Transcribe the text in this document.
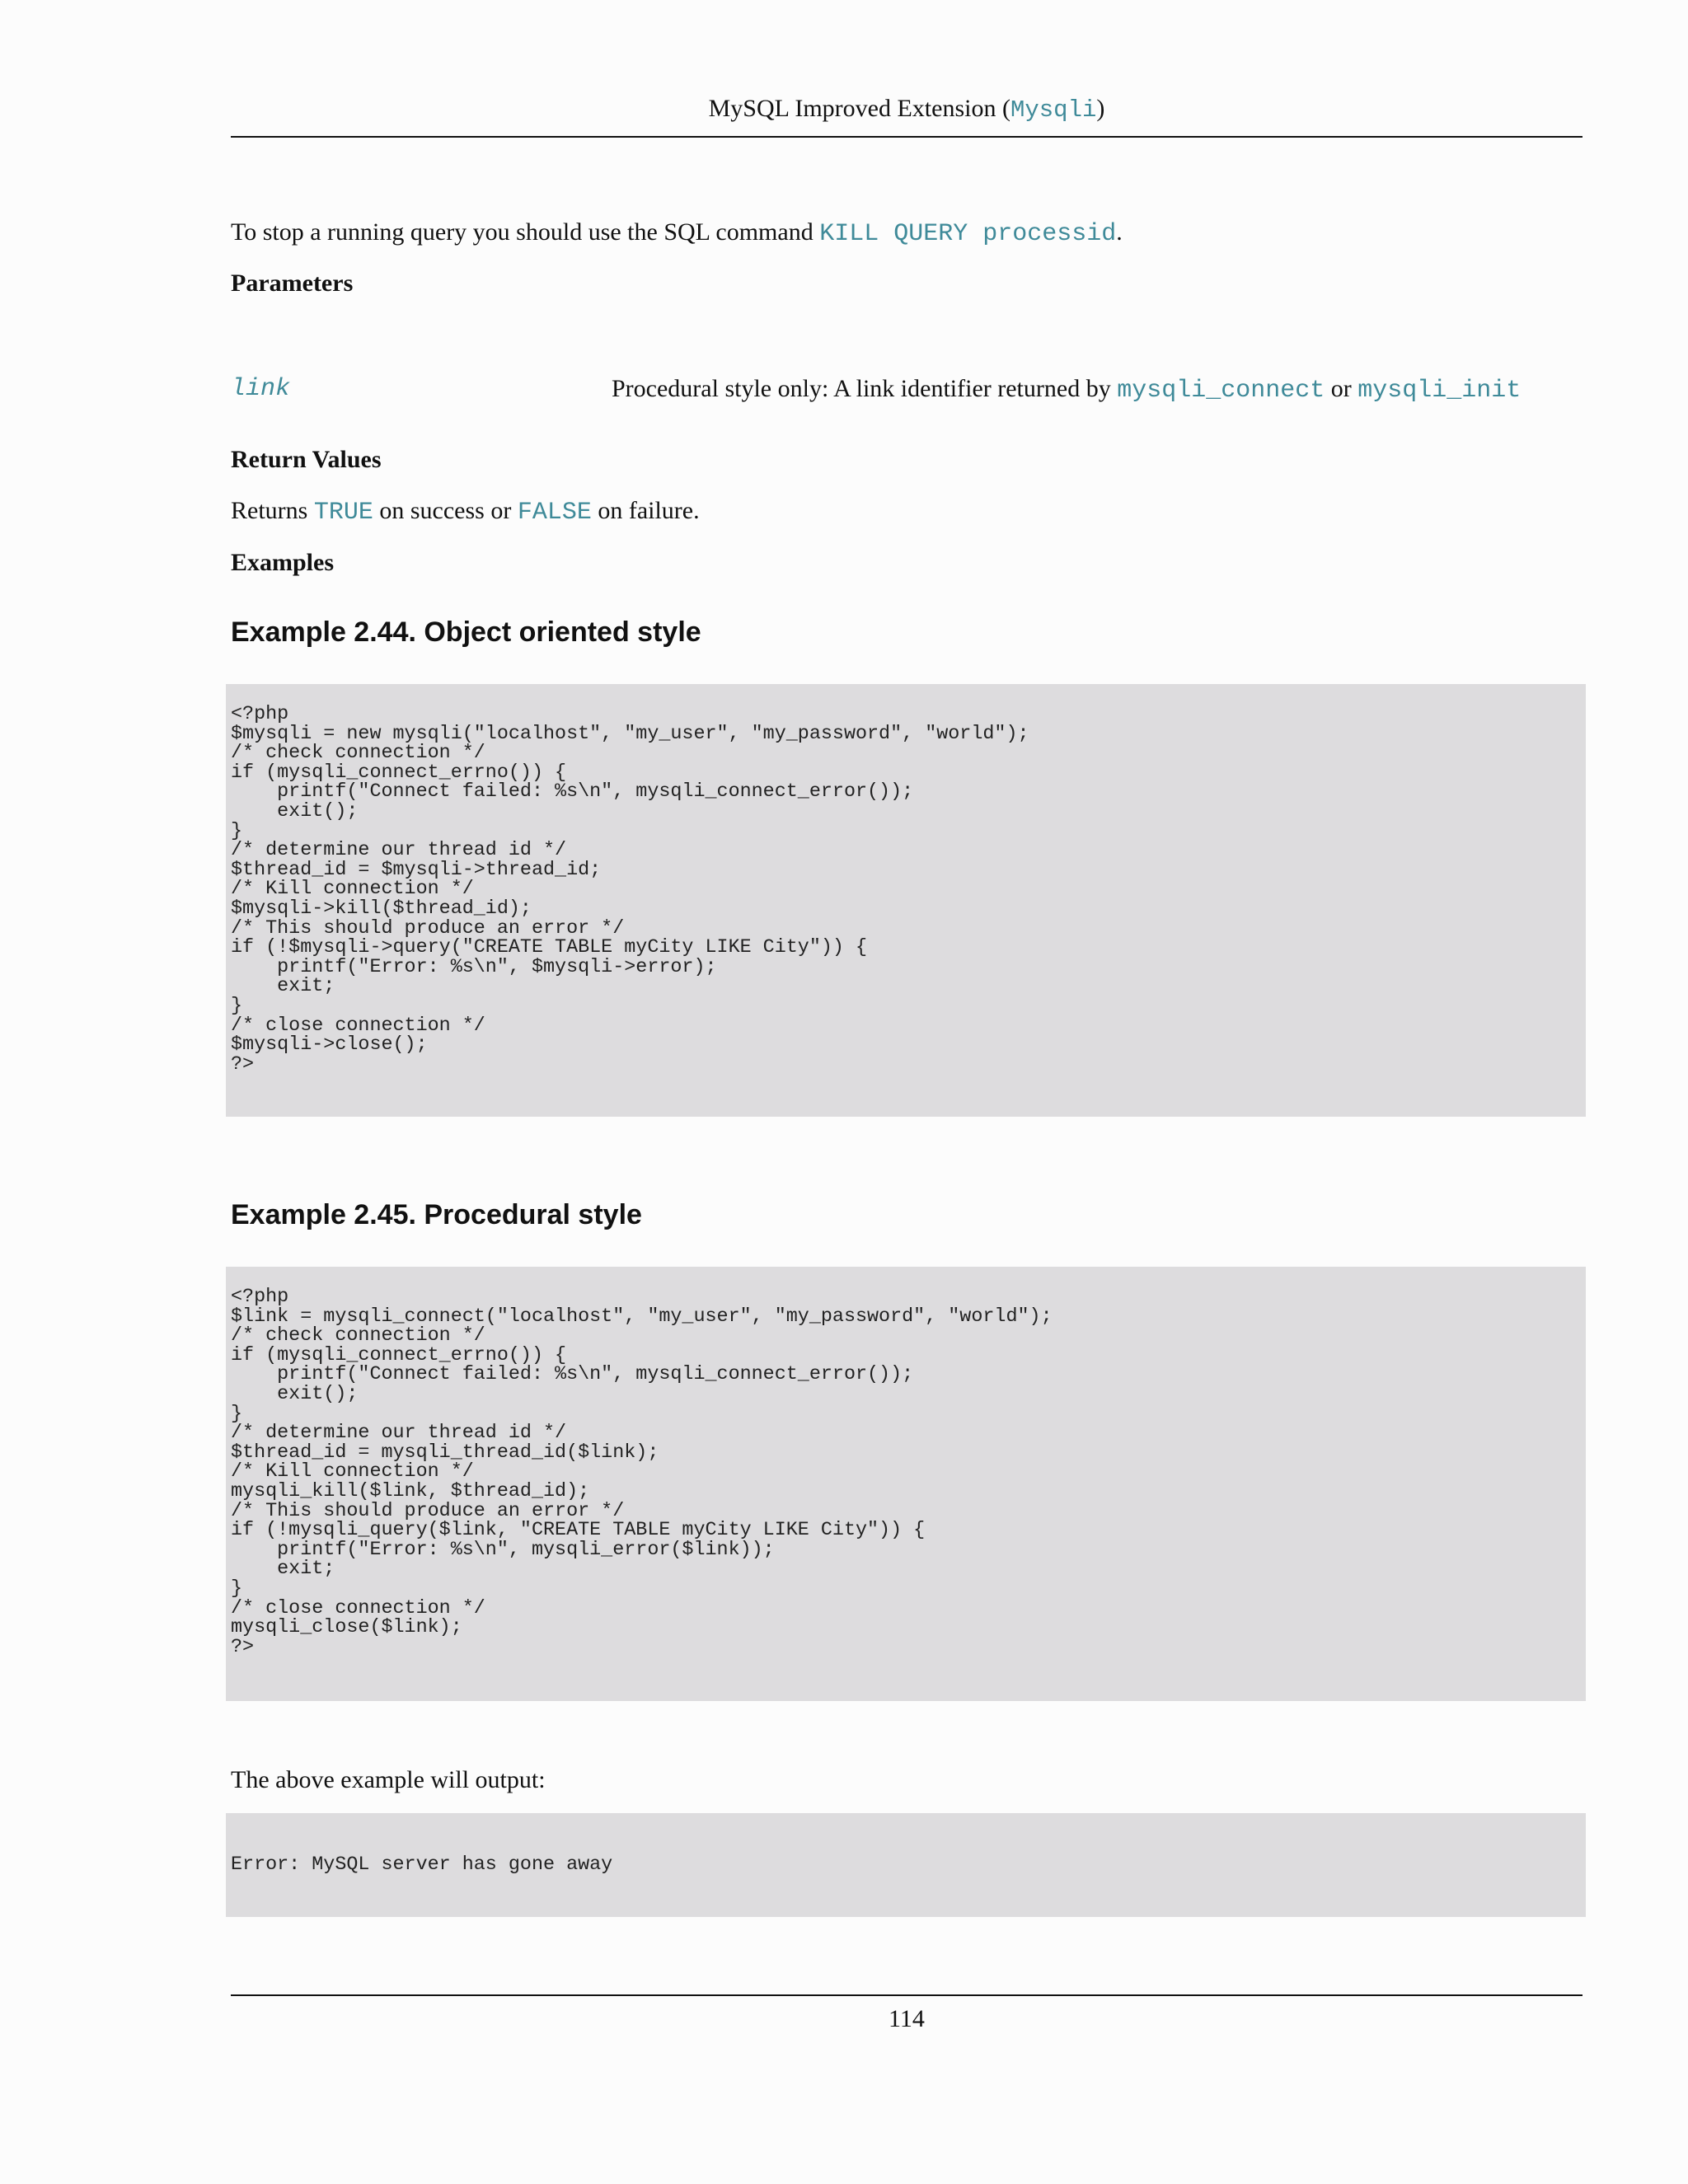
MySQL Improved Extension (Mysqli)
To stop a running query you should use the SQL command KILL QUERY processid.
Parameters
link	Procedural style only: A link identifier returned by mysqli_connect or mysqli_init
Return Values
Returns TRUE on success or FALSE on failure.
Examples
Example 2.44. Object oriented style
<?php
$mysqli = new mysqli("localhost", "my_user", "my_password", "world");
/* check connection */
if (mysqli_connect_errno()) {
printf("Connect failed: %s\n", mysqli_connect_error());
exit();
}
/* determine our thread id */
$thread_id = $mysqli->thread_id;
/* Kill connection */
$mysqli->kill($thread_id);
/* This should produce an error */
if (!$mysqli->query("CREATE TABLE myCity LIKE City")) {
printf("Error: %s\n", $mysqli->error);
exit;
}
/* close connection */
$mysqli->close();
?>
Example 2.45. Procedural style
<?php
$link = mysqli_connect("localhost", "my_user", "my_password", "world");
/* check connection */
if (mysqli_connect_errno()) {
printf("Connect failed: %s\n", mysqli_connect_error());
exit();
}
/* determine our thread id */
$thread_id = mysqli_thread_id($link);
/* Kill connection */
mysqli_kill($link, $thread_id);
/* This should produce an error */
if (!mysqli_query($link, "CREATE TABLE myCity LIKE City")) {
printf("Error: %s\n", mysqli_error($link));
exit;
}
/* close connection */
mysqli_close($link);
?>
The above example will output:
Error: MySQL server has gone away
114
